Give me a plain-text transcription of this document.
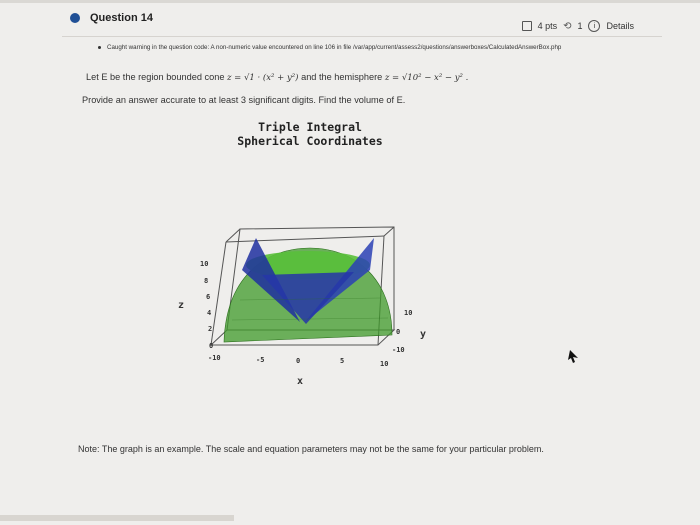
Question 14
4 pts ⟲ 1	i	Details
Caught warning in the question code: A non-numeric value encountered on line 106 in file /var/app/current/assess2/questions/answerboxes/CalculatedAnswerBox.php
Let E be the region bounded cone z = √1 · (x² + y²) and the hemisphere z = √10² − x² − y² .
Provide an answer accurate to at least 3 significant digits. Find the volume of E.
Triple Integral
Spherical Coordinates
10
8
6
4
2
0
z
-10	-5	0	5	10
x
10
0
-10
y
Note: The graph is an example. The scale and equation parameters may not be the same for your particular problem.
